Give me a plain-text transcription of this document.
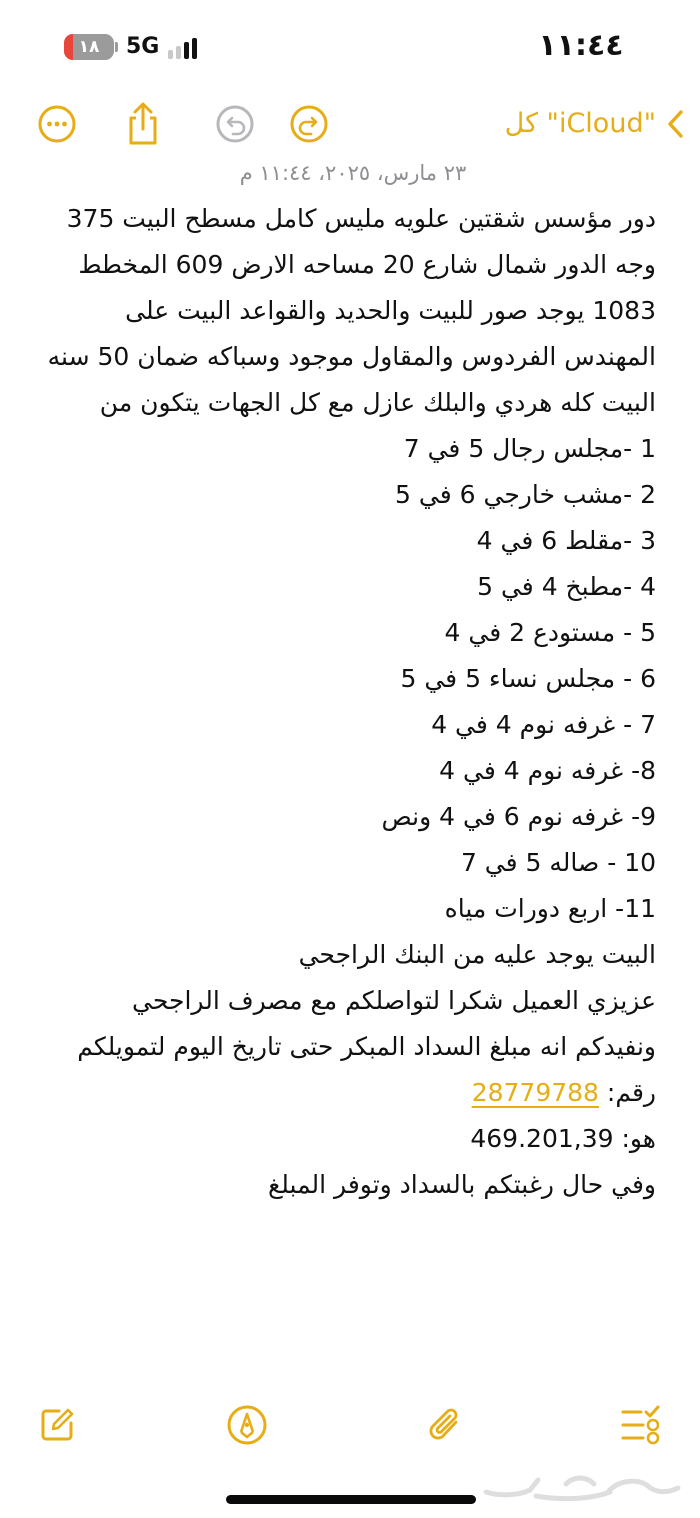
١٨	5G	١١:٤٤
كل "iCloud"
٢٣ مارس، ٢٠٢٥، ١١:٤٤ م

دور مؤسس شقتين علويه مليس كامل مسطح البيت 375 وجه الدور شمال شارع 20 مساحه الارض 609 المخطط 1083 يوجد صور للبيت والحديد والقواعد البيت على المهندس الفردوس والمقاول موجود وسباكه ضمان 50 سنه البيت كله هردي والبلك عازل مع كل الجهات يتكون من

1 -مجلس رجال 5 في 7

2 -مشب خارجي 6 في 5

3 -مقلط 6 في 4

4 -مطبخ 4 في 5

5 - مستودع 2 في 4

6 - مجلس نساء 5 في 5

7 - غرفه نوم 4 في 4

8- غرفه نوم 4 في 4

9- غرفه نوم 6 في 4 ونص

10 - صاله 5 في 7

11- اربع دورات مياه

البيت يوجد عليه من البنك الراجحي

عزيزي العميل شكرا لتواصلكم مع مصرف الراجحي

ونفيدكم انه مبلغ السداد المبكر حتى تاريخ اليوم لتمويلكم

رقم: 28779788

هو: 469.201,39

وفي حال رغبتكم بالسداد وتوفر المبلغ
